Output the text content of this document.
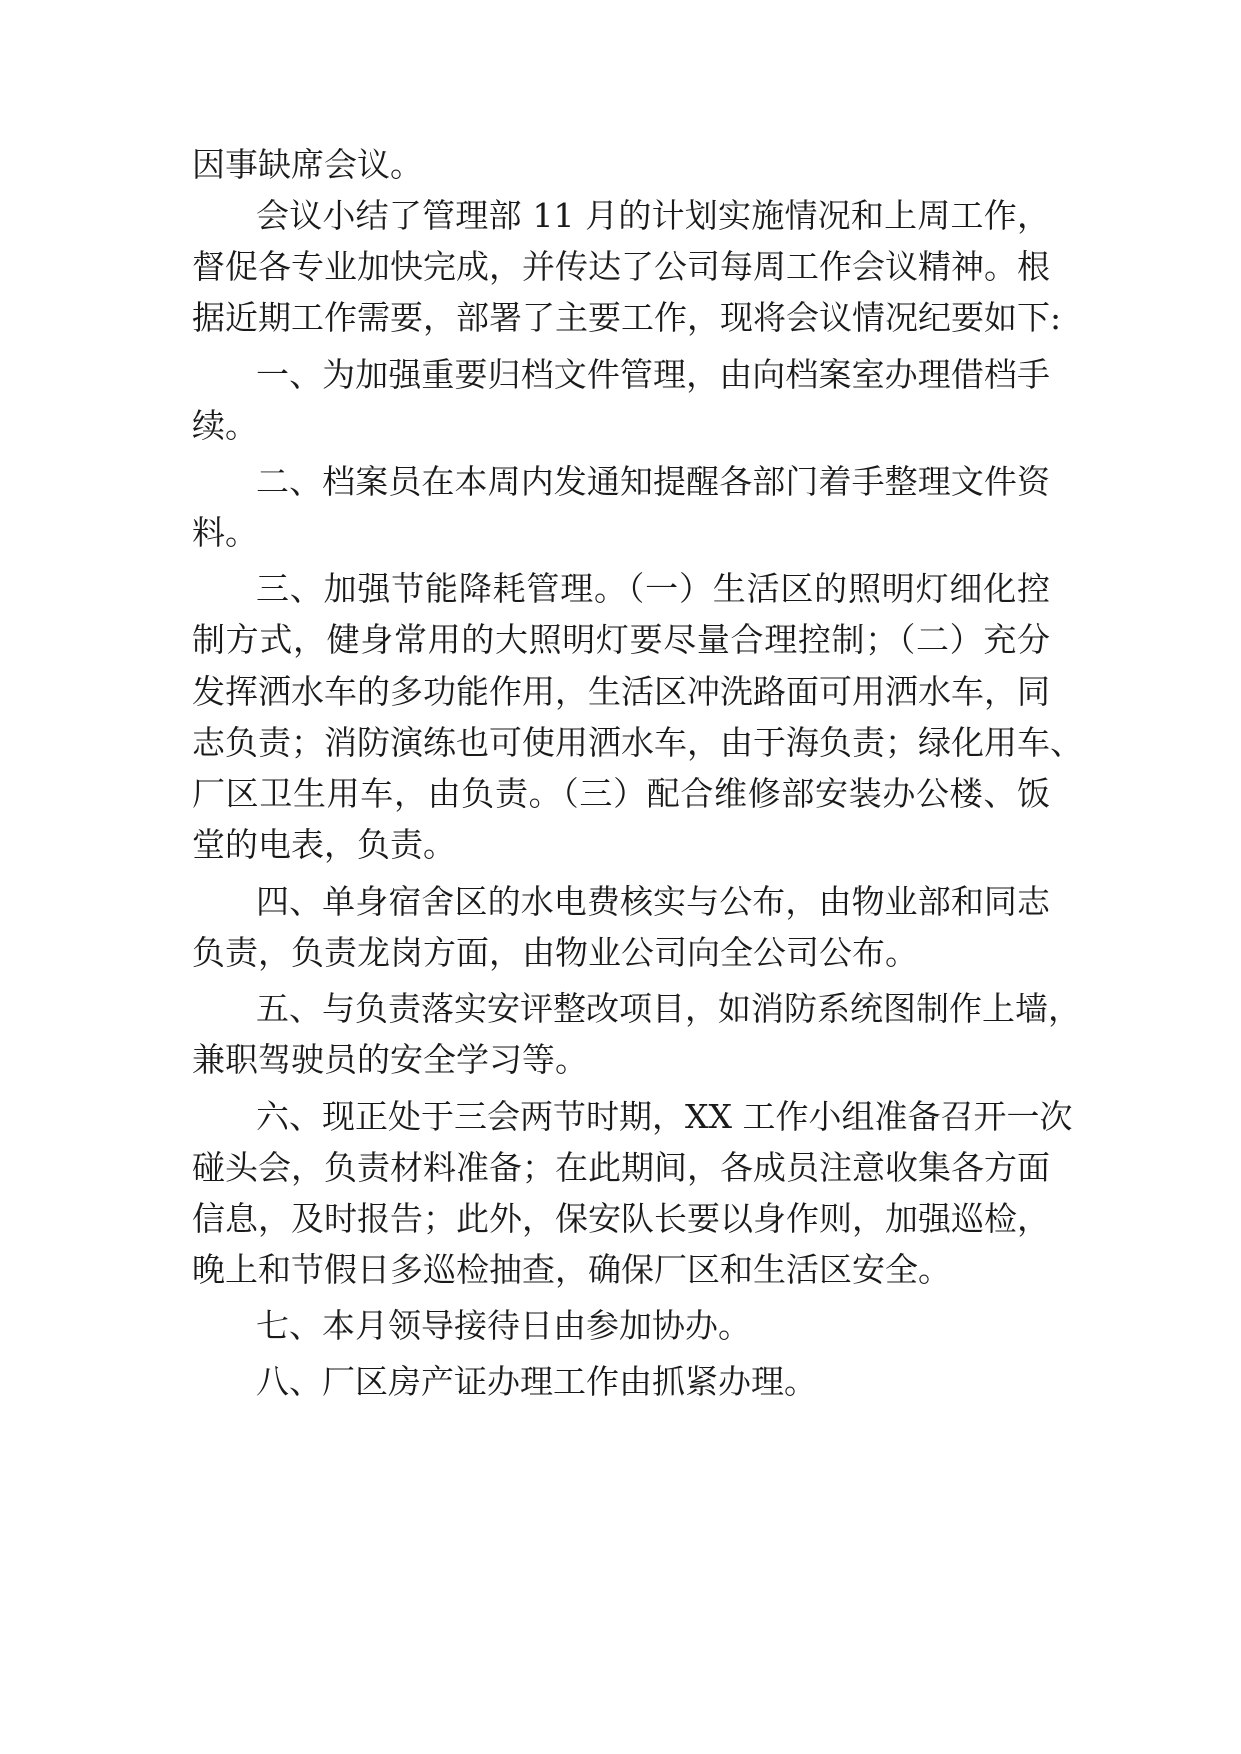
因事缺席会议。
会议小结了管理部 11 月的计划实施情况和上周工作，
督促各专业加快完成，并传达了公司每周工作会议精神。根
据近期工作需要，部署了主要工作，现将会议情况纪要如下:
一、为加强重要归档文件管理，由向档案室办理借档手
续。
二、档案员在本周内发通知提醒各部门着手整理文件资
料。
三、加强节能降耗管理。（一）生活区的照明灯细化控
制方式，健身常用的大照明灯要尽量合理控制；（二）充分
发挥洒水车的多功能作用，生活区冲洗路面可用洒水车，同
志负责；消防演练也可使用洒水车，由于海负责；绿化用车、
厂区卫生用车，由负责。（三）配合维修部安装办公楼、饭
堂的电表，负责。
四、单身宿舍区的水电费核实与公布，由物业部和同志
负责，负责龙岗方面，由物业公司向全公司公布。
五、与负责落实安评整改项目，如消防系统图制作上墙，
兼职驾驶员的安全学习等。
六、现正处于三会两节时期，XX 工作小组准备召开一次
碰头会，负责材料准备；在此期间，各成员注意收集各方面
信息，及时报告；此外，保安队长要以身作则，加强巡检，
晚上和节假日多巡检抽查，确保厂区和生活区安全。
七、本月领导接待日由参加协办。
八、厂区房产证办理工作由抓紧办理。
